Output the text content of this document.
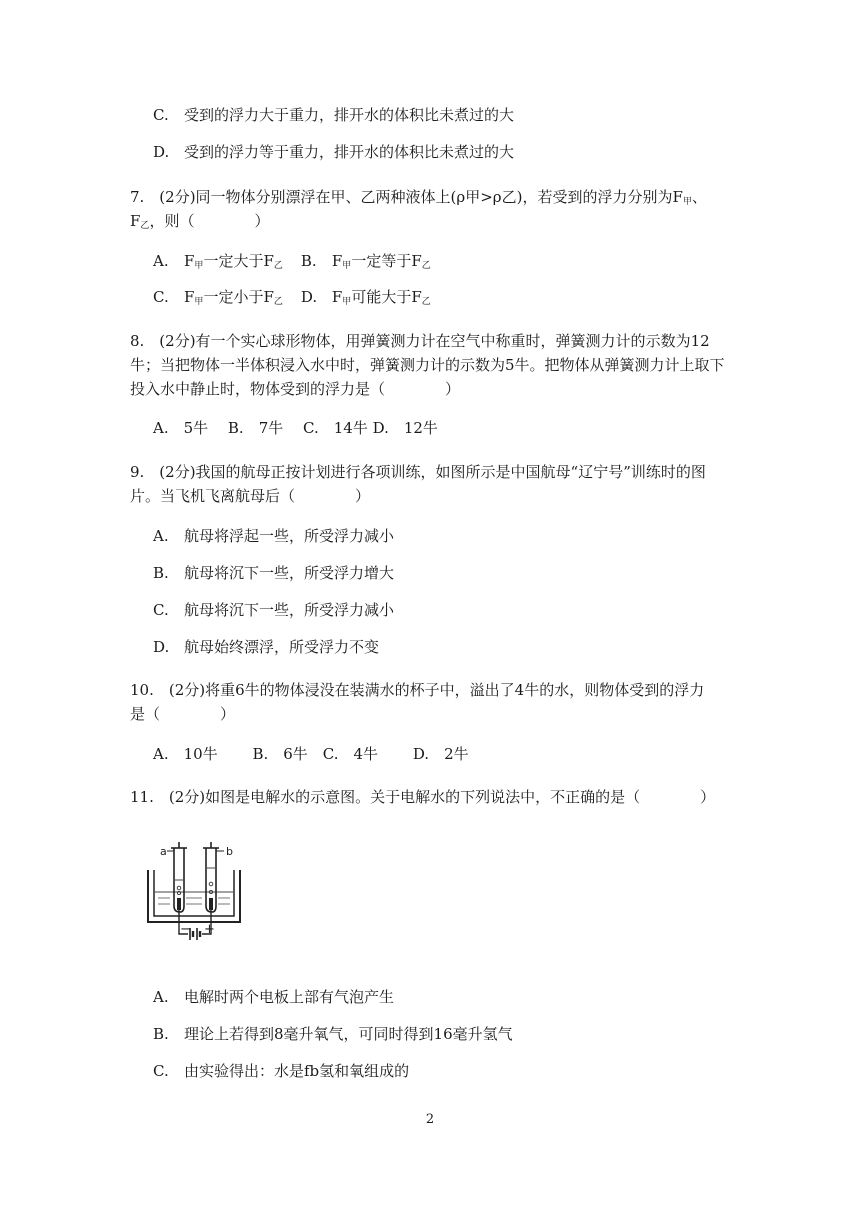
C. 受到的浮力大于重力，排开水的体积比未煮过的大
D. 受到的浮力等于重力，排开水的体积比未煮过的大
7.　(2分)同一物体分别漂浮在甲、乙两种液体上(ρ甲>ρ乙)，若受到的浮力分别为$F_甲$、
$F_乙$，则（　　　　）
A. $F_甲$一定大于$F_乙$ B. $F_甲$一定等于$F_乙$
C. $F_甲$一定小于$F_乙$ D. $F_甲$可能大于$F_乙$
8.　(2分)有一个实心球形物体，用弹簧测力计在空气中称重时，弹簧测力计的示数为12
牛；当把物体一半体积浸入水中时，弹簧测力计的示数为5牛。把物体从弹簧测力计上取下
投入水中静止时，物体受到的浮力是（　　　　）
A.　5牛　 B.　7牛　 C.　14牛 D.　12牛
9.　(2分)我国的航母正按计划进行各项训练，如图所示是中国航母“辽宁号”训练时的图
片。当飞机飞离航母后（　　　　）
A. 航母将浮起一些，所受浮力减小
B. 航母将沉下一些，所受浮力增大
C. 航母将沉下一些，所受浮力减小
D. 航母始终漂浮，所受浮力不变
10.　(2分)将重6牛的物体浸没在装满水的杯子中，溢出了4牛的水，则物体受到的浮力
是（　　　　）
A.　10牛　　 B.　6牛　C.　4牛　　 D.　2牛
11.　(2分)如图是电解水的示意图。关于电解水的下列说法中，不正确的是（　　　　）
a	b
− +
A. 电解时两个电板上部有气泡产生
B. 理论上若得到8毫升氧气，可同时得到16毫升氢气
C. 由实验得出：水是fb氢和氧组成的
2
